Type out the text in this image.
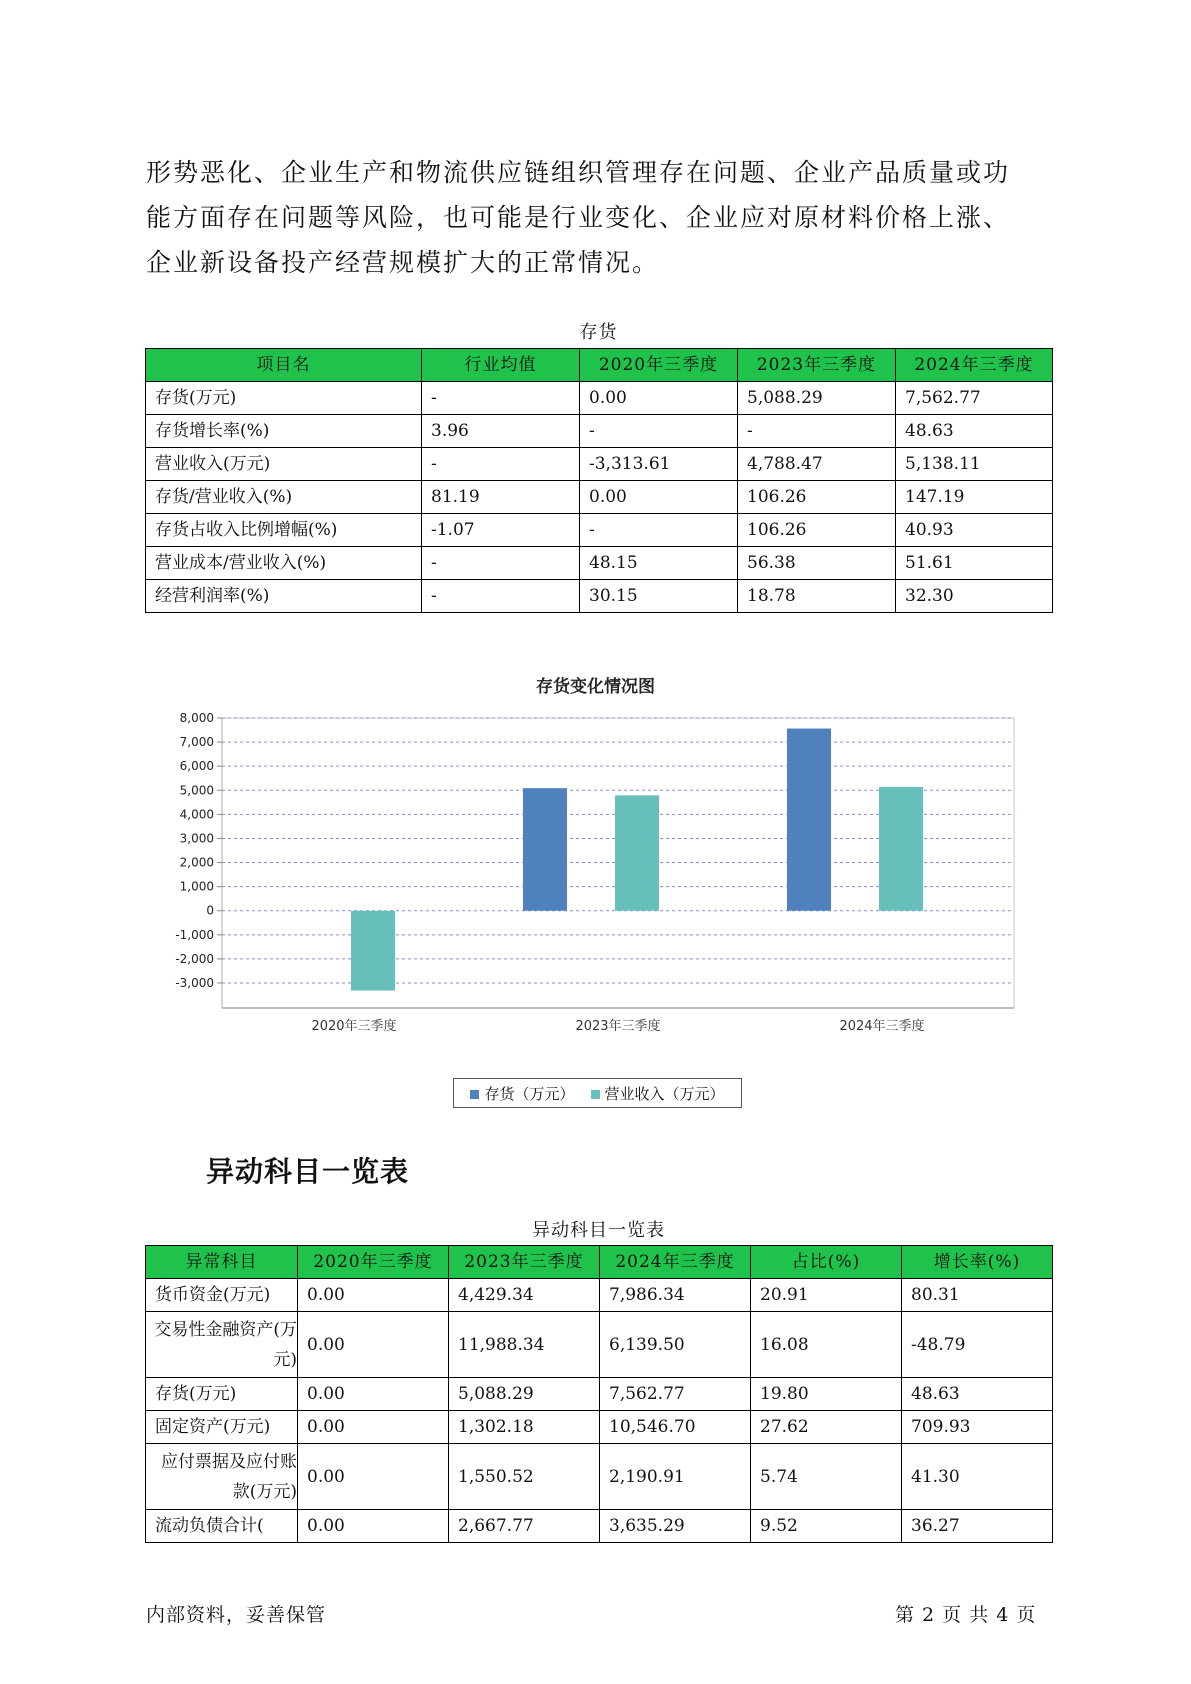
形势恶化、企业生产和物流供应链组织管理存在问题、企业产品质量或功
能方面存在问题等风险，也可能是行业变化、企业应对原材料价格上涨、
企业新设备投产经营规模扩大的正常情况。
存货
项目名	行业均值	2020年三季度	2023年三季度	2024年三季度
存货(万元)	-	0.00	5,088.29	7,562.77
存货增长率(%)	3.96	-	-	48.63
营业收入(万元)	-	-3,313.61	4,788.47	5,138.11
存货/营业收入(%)	81.19	0.00	106.26	147.19
存货占收入比例增幅(%)	-1.07	-	106.26	40.93
营业成本/营业收入(%)	-	48.15	56.38	51.61
经营利润率(%)	-	30.15	18.78	32.30
存货变化情况图
8,000
7,000
6,000
5,000
4,000
3,000
2,000
1,000
0
-1,000
-2,000
-3,000
2020年三季度	2023年三季度	2024年三季度
存货（万元）	营业收入（万元）
异动科目一览表
异动科目一览表
异常科目	2020年三季度	2023年三季度	2024年三季度	占比(%)	增长率(%)
货币资金(万元)	0.00	4,429.34	7,986.34	20.91	80.31
交易性金融资产(万元)	0.00	11,988.34	6,139.50	16.08	-48.79
存货(万元)	0.00	5,088.29	7,562.77	19.80	48.63
固定资产(万元)	0.00	1,302.18	10,546.70	27.62	709.93
应付票据及应付账款(万元)	0.00	1,550.52	2,190.91	5.74	41.30
流动负债合计(	0.00	2,667.77	3,635.29	9.52	36.27
内部资料，妥善保管	第 2 页 共 4 页
